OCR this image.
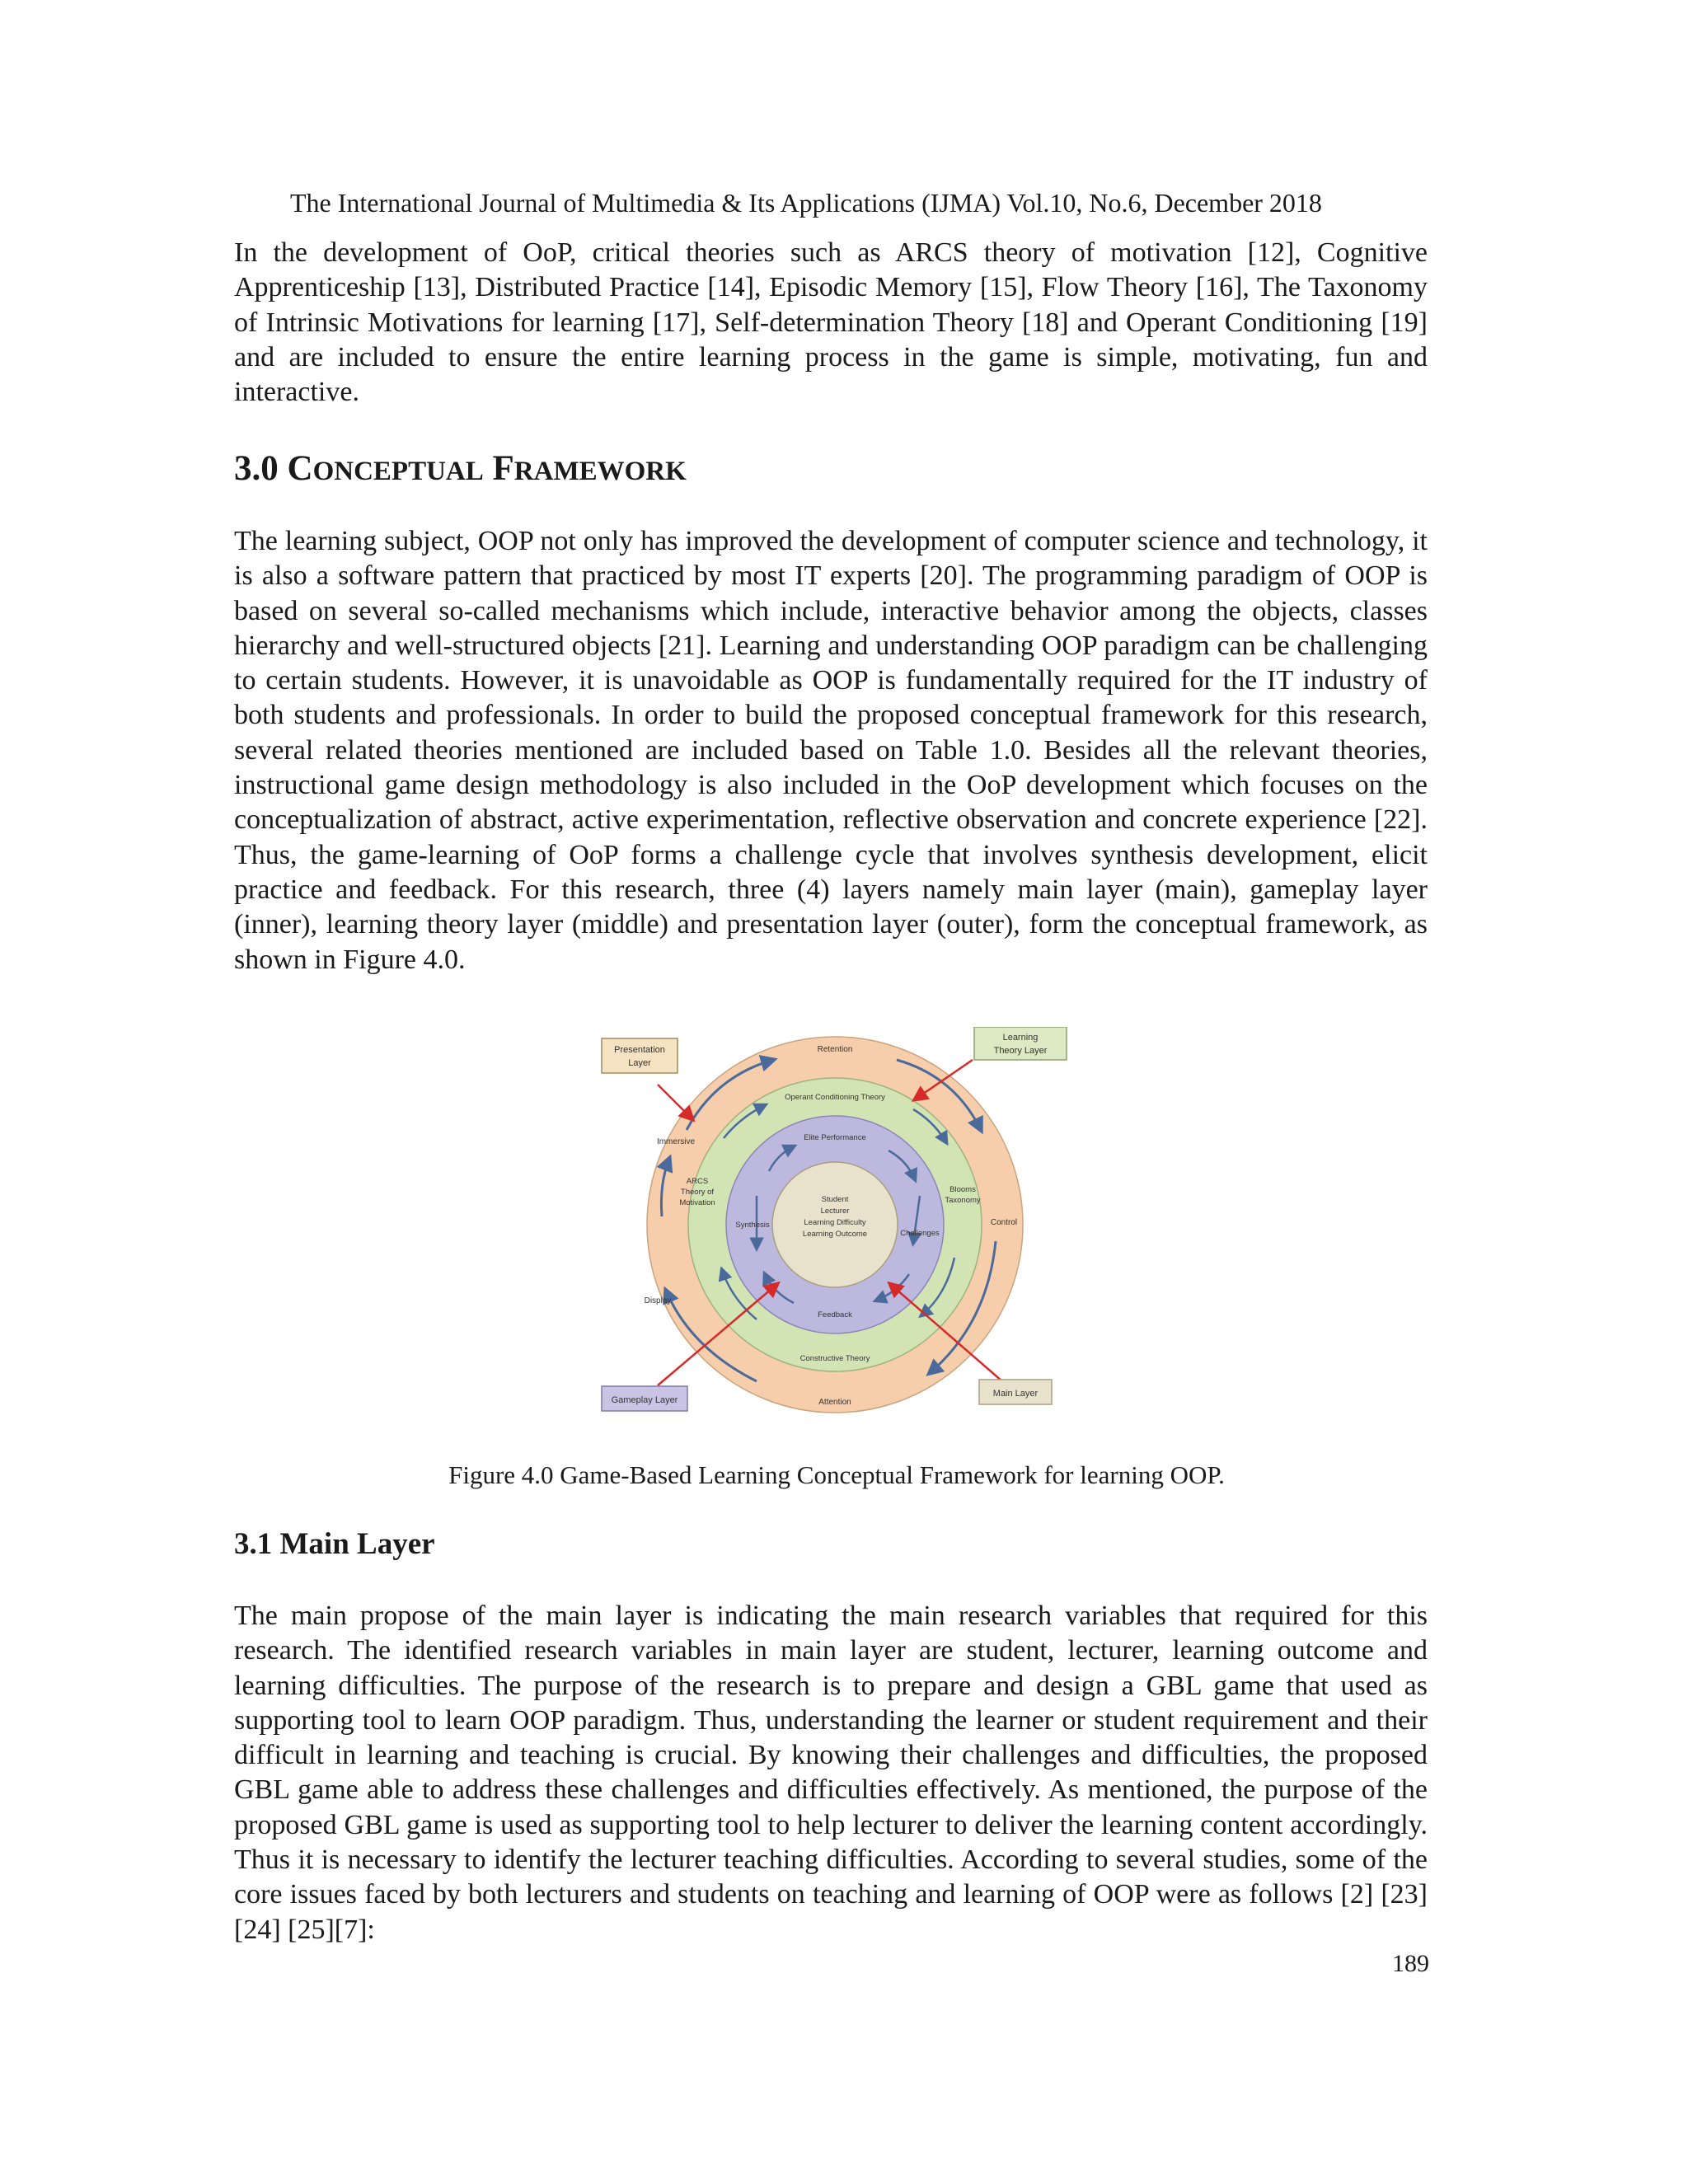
The International Journal of Multimedia & Its Applications (IJMA) Vol.10, No.6, December 2018

In the development of OoP, critical theories such as ARCS theory of motivation [12], Cognitive Apprenticeship [13], Distributed Practice [14], Episodic Memory [15], Flow Theory [16], The Taxonomy of Intrinsic Motivations for learning [17], Self-determination Theory [18] and Operant Conditioning [19] and are included to ensure the entire learning process in the game is simple, motivating, fun and interactive.

3.0 CONCEPTUAL FRAMEWORK

The learning subject, OOP not only has improved the development of computer science and technology, it is also a software pattern that practiced by most IT experts [20]. The programming paradigm of OOP is based on several so-called mechanisms which include, interactive behavior among the objects, classes hierarchy and well-structured objects [21]. Learning and understanding OOP paradigm can be challenging to certain students. However, it is unavoidable as OOP is fundamentally required for the IT industry of both students and professionals. In order to build the proposed conceptual framework for this research, several related theories mentioned are included based on Table 1.0. Besides all the relevant theories, instructional game design methodology is also included in the OoP development which focuses on the conceptualization of abstract, active experimentation, reflective observation and concrete experience [22]. Thus, the game-learning of OoP forms a challenge cycle that involves synthesis development, elicit practice and feedback. For this research, three (4) layers namely main layer (main), gameplay layer (inner), learning theory layer (middle) and presentation layer (outer), form the conceptual framework, as shown in Figure 4.0.

Presentation
Layer
Learning
Theory Layer
Gameplay Layer
Main Layer
Retention
Immersive
Display
Control
Attention
Operant Conditioning Theory
ARCS
Theory of
Motivation
Blooms
Taxonomy
Constructive Theory
Elite Performance
Synthesis
Challenges
Feedback
Student
Lecturer
Learning Difficulty
Learning Outcome
Figure 4.0 Game-Based Learning Conceptual Framework for learning OOP.
3.1 Main Layer

The main propose of the main layer is indicating the main research variables that required for this research. The identified research variables in main layer are student, lecturer, learning outcome and learning difficulties. The purpose of the research is to prepare and design a GBL game that used as supporting tool to learn OOP paradigm. Thus, understanding the learner or student requirement and their difficult in learning and teaching is crucial. By knowing their challenges and difficulties, the proposed GBL game able to address these challenges and difficulties effectively. As mentioned, the purpose of the proposed GBL game is used as supporting tool to help lecturer to deliver the learning content accordingly. Thus it is necessary to identify the lecturer teaching difficulties. According to several studies, some of the core issues faced by both lecturers and students on teaching and learning of OOP were as follows [2] [23] [24] [25][7]:

189
